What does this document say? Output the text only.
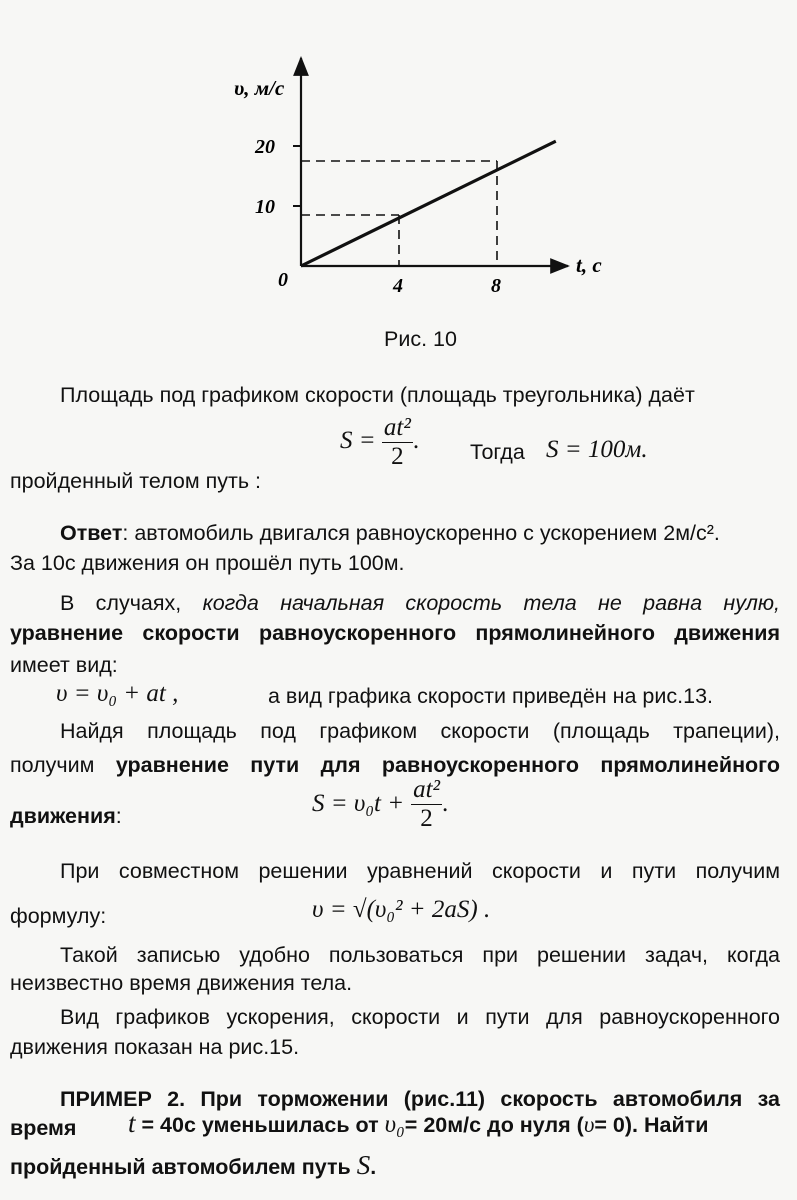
10
20
4	8
υ, м/с
t, с
0
Рис. 10
Площадь под графиком скорости (площадь треугольника) даёт
$S = \frac{\text{at²}}{2}$ . Тогда S = 100м.
пройденный телом путь :
Ответ: автомобиль двигался равноускоренно с ускорением 2м/с².
За 10с движения он прошёл путь 100м.
В случаях, когда начальная скорость тела не равна нулю,
уравнение скорости равноускоренного прямолинейного движения
имеет вид:
υ = υ₀ + at ,	а вид графика скорости приведён на рис.13.
Найдя площадь под графиком скорости (площадь трапеции),
получим уравнение пути для равноускоренного прямолинейного
движения:	$S = \upsilon_0t + \frac{\text{at²}}{2}$ .
При совместном решении уравнений скорости и пути получим
формулу:	υ = √(υ₀² + 2aS) .
Такой записью удобно пользоваться при решении задач, когда
неизвестно время движения тела.
Вид графиков ускорения, скорости и пути для равноускоренного
движения показан на рис.15.
ПРИМЕР 2. При торможении (рис.11) скорость автомобиля за
время t = 40с уменьшилась от υ₀= 20м/с до нуля (υ= 0). Найти
пройденный автомобилем путь S.
